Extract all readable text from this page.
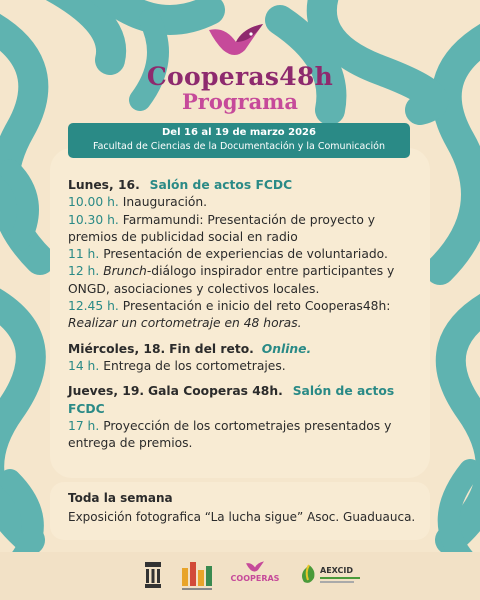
Cooperas48h
Programa
Del 16 al 19 de marzo 2026
Facultad de Ciencias de la Documentación y la Comunicación
Lunes, 16. Salón de actos FCDC
10.00 h. Inauguración.
10.30 h. Farmamundi: Presentación de proyecto y premios de publicidad social en radio
11 h. Presentación de experiencias de voluntariado.
12 h. Brunch-diálogo inspirador entre participantes y ONGD, asociaciones y colectivos locales.
12.45 h. Presentación e inicio del reto Cooperas48h:
Realizar un cortometraje en 48 horas.
Miércoles, 18. Fin del reto. Online.
14 h. Entrega de los cortometrajes.
Jueves, 19. Gala Cooperas 48h. Salón de actos FCDC
17 h. Proyección de los cortometrajes presentados y entrega de premios.
Toda la semana
Exposición fotografica “La lucha sigue” Asoc. Guaduauca.
COOPERAS
AEXCID
